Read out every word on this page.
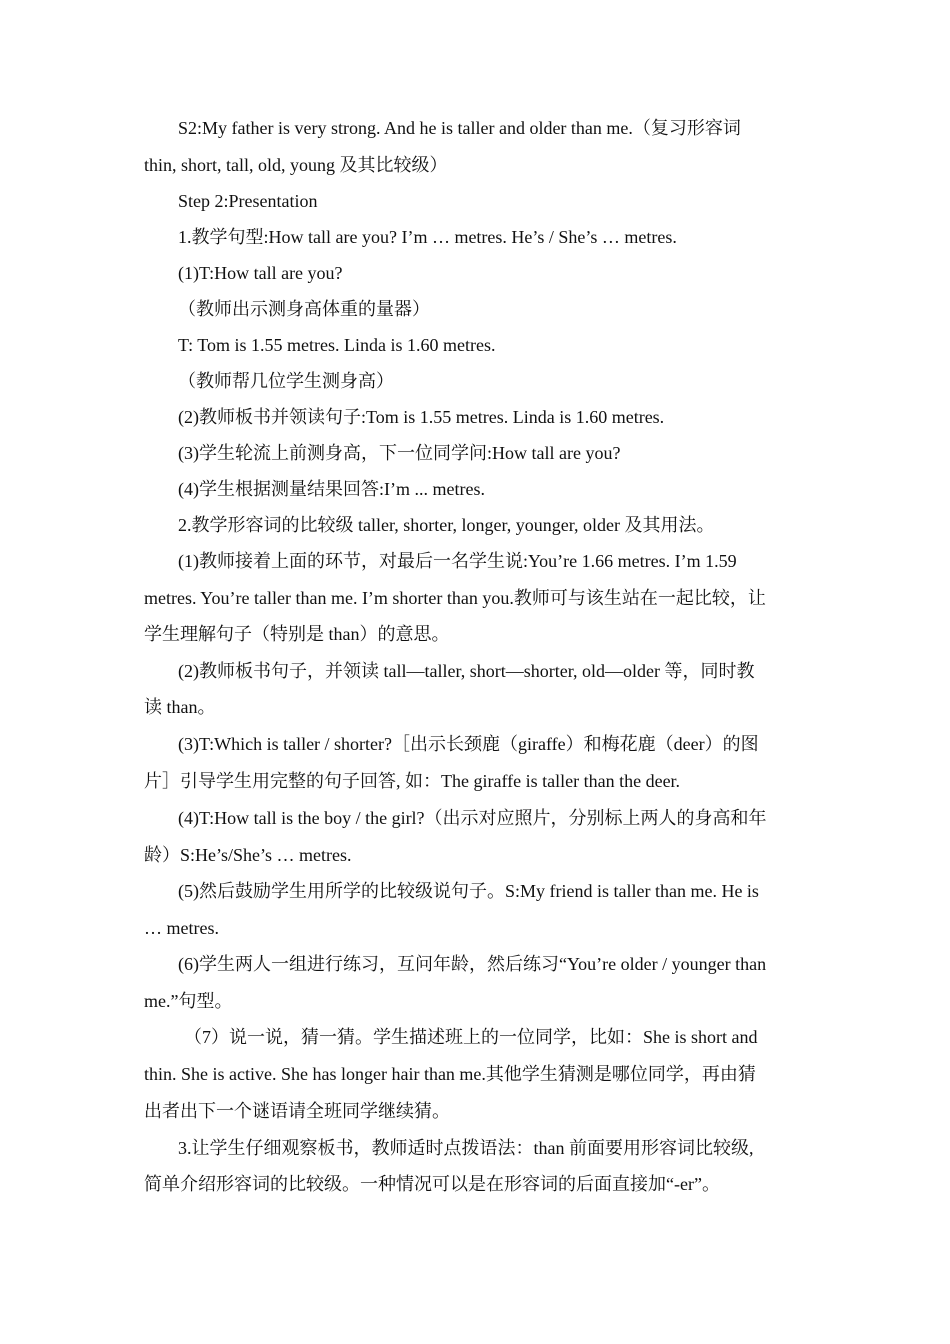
S2:My father is very strong. And he is taller and older than me.（复习形容词
thin, short, tall, old, young 及其比较级）
Step 2:Presentation
1.教学句型:How tall are you? I’m … metres. He’s / She’s … metres.
(1)T:How tall are you?
（教师出示测身高体重的量器）
T: Tom is 1.55 metres. Linda is 1.60 metres.
（教师帮几位学生测身高）
(2)教师板书并领读句子:Tom is 1.55 metres. Linda is 1.60 metres.
(3)学生轮流上前测身高，下一位同学问:How tall are you?
(4)学生根据测量结果回答:I’m ... metres.
2.教学形容词的比较级 taller, shorter, longer, younger, older 及其用法。
(1)教师接着上面的环节，对最后一名学生说:You’re 1.66 metres. I’m 1.59
metres. You’re taller than me. I’m shorter than you.教师可与该生站在一起比较，让
学生理解句子（特别是 than）的意思。
(2)教师板书句子，并领读 tall—taller, short—shorter, old—older 等，同时教
读 than。
(3)T:Which is taller / shorter?［出示长颈鹿（giraffe）和梅花鹿（deer）的图
片］引导学生用完整的句子回答, 如：The giraffe is taller than the deer.
(4)T:How tall is the boy / the girl?（出示对应照片，分别标上两人的身高和年
龄）S:He’s/She’s … metres.
(5)然后鼓励学生用所学的比较级说句子。S:My friend is taller than me. He is
… metres.
(6)学生两人一组进行练习，互问年龄，然后练习“You’re older / younger than
me.”句型。
（7）说一说，猜一猜。学生描述班上的一位同学，比如：She is short and
thin. She is active. She has longer hair than me.其他学生猜测是哪位同学，再由猜
出者出下一个谜语请全班同学继续猜。
3.让学生仔细观察板书，教师适时点拨语法：than 前面要用形容词比较级,
简单介绍形容词的比较级。一种情况可以是在形容词的后面直接加“-er”。
